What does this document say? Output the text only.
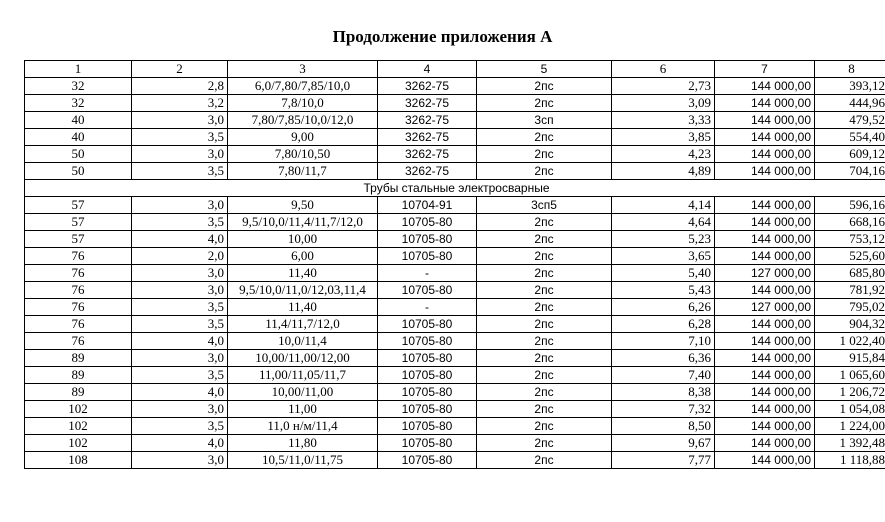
Продолжение приложения А
1	2	3	4	5	6	7	8
32	2,8	6,0/7,80/7,85/10,0	3262-75	2пс	2,73	144 000,00	393,12
32	3,2	7,8/10,0	3262-75	2пс	3,09	144 000,00	444,96
40	3,0	7,80/7,85/10,0/12,0	3262-75	3сп	3,33	144 000,00	479,52
40	3,5	9,00	3262-75	2пс	3,85	144 000,00	554,40
50	3,0	7,80/10,50	3262-75	2пс	4,23	144 000,00	609,12
50	3,5	7,80/11,7	3262-75	2пс	4,89	144 000,00	704,16
Трубы стальные электросварные							
57	3,0	9,50	10704-91	3сп5	4,14	144 000,00	596,16
57	3,5	9,5/10,0/11,4/11,7/12,0	10705-80	2пс	4,64	144 000,00	668,16
57	4,0	10,00	10705-80	2пс	5,23	144 000,00	753,12
76	2,0	6,00	10705-80	2пс	3,65	144 000,00	525,60
76	3,0	11,40	-	2пс	5,40	127 000,00	685,80
76	3,0	9,5/10,0/11,0/12,03,11,4	10705-80	2пс	5,43	144 000,00	781,92
76	3,5	11,40	-	2пс	6,26	127 000,00	795,02
76	3,5	11,4/11,7/12,0	10705-80	2пс	6,28	144 000,00	904,32
76	4,0	10,0/11,4	10705-80	2пс	7,10	144 000,00	1 022,40
89	3,0	10,00/11,00/12,00	10705-80	2пс	6,36	144 000,00	915,84
89	3,5	11,00/11,05/11,7	10705-80	2пс	7,40	144 000,00	1 065,60
89	4,0	10,00/11,00	10705-80	2пс	8,38	144 000,00	1 206,72
102	3,0	11,00	10705-80	2пс	7,32	144 000,00	1 054,08
102	3,5	11,0 н/м/11,4	10705-80	2пс	8,50	144 000,00	1 224,00
102	4,0	11,80	10705-80	2пс	9,67	144 000,00	1 392,48
108	3,0	10,5/11,0/11,75	10705-80	2пс	7,77	144 000,00	1 118,88
